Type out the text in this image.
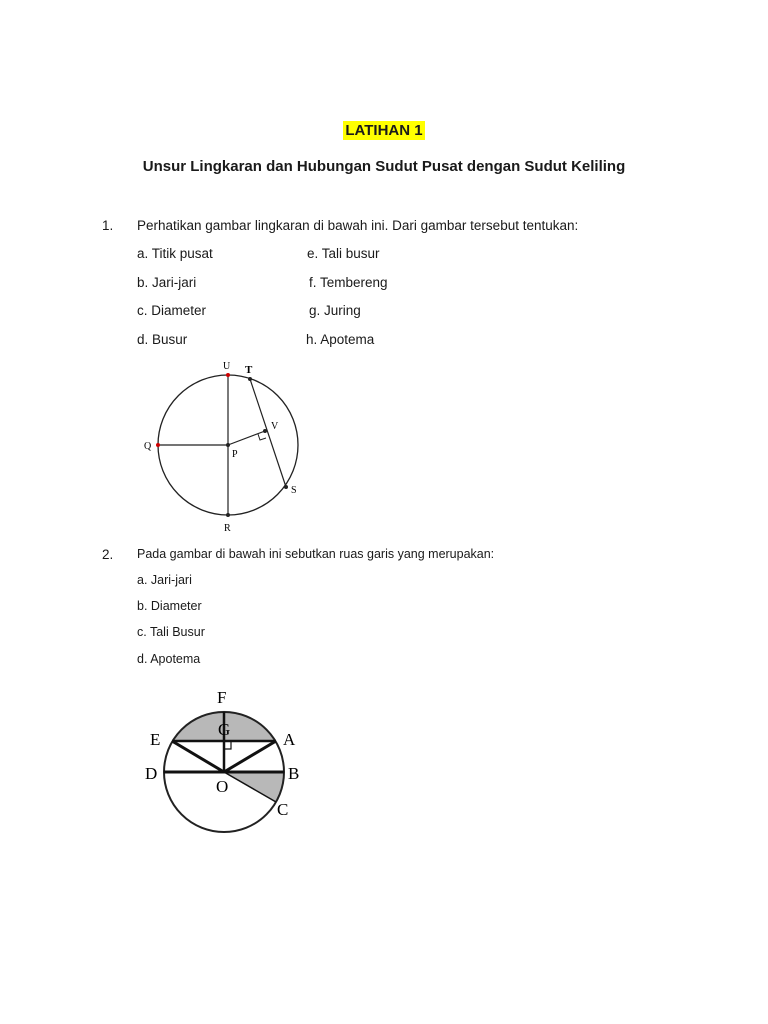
LATIHAN 1
Unsur Lingkaran dan Hubungan Sudut Pusat dengan Sudut Keliling
1. Perhatikan gambar lingkaran di bawah ini. Dari gambar tersebut tentukan:
a. Titik pusat
b. Jari-jari
c. Diameter
d. Busur
e. Tali busur
f. Tembereng
g. Juring
h. Apotema
U T
V
Q
P
S
R
2. Pada gambar di bawah ini sebutkan ruas garis yang merupakan:
a. Jari-jari
b. Diameter
c. Tali Busur
d. Apotema
F
G
E	A
D	B
O
C
